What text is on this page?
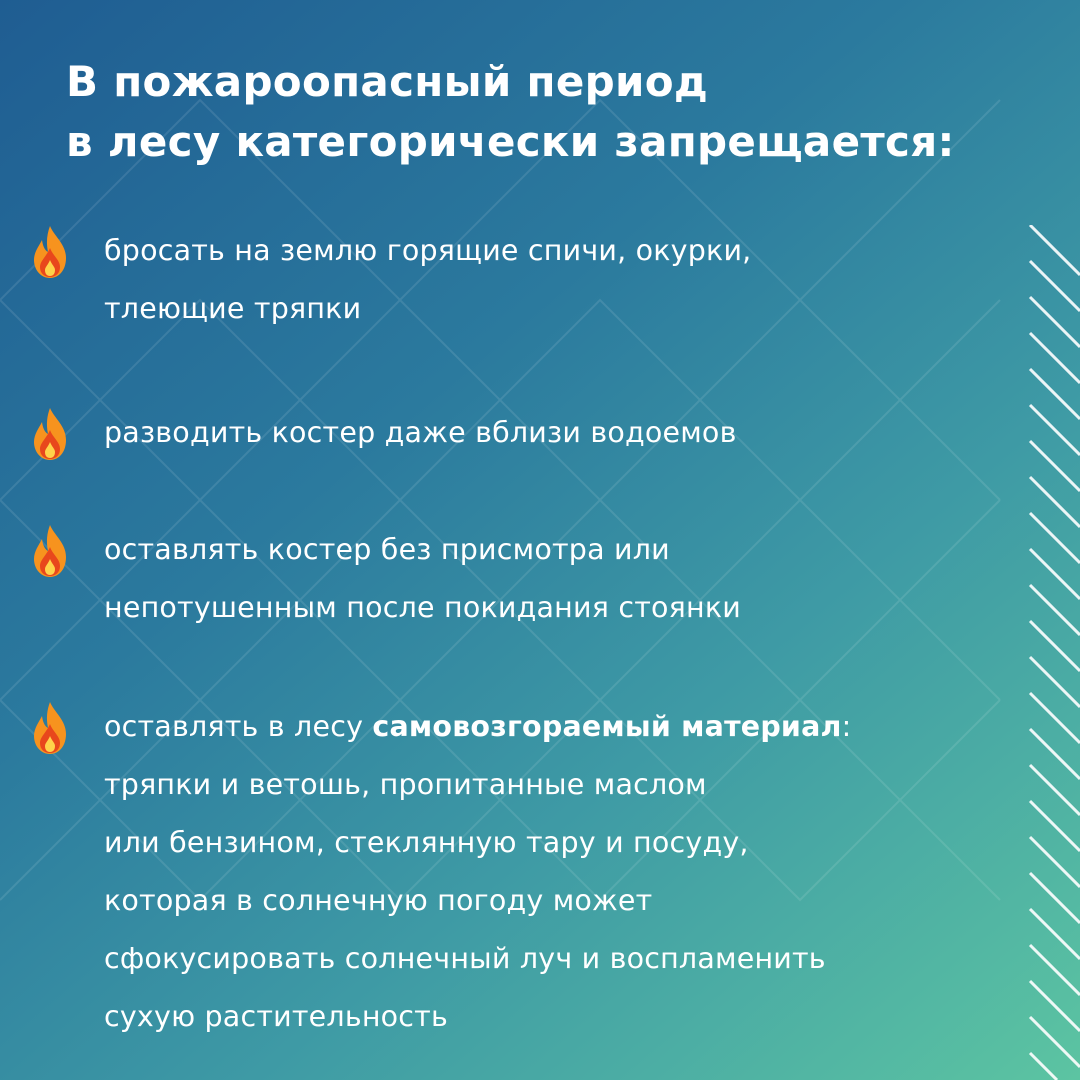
В пожароопасный период
в лесу категорически запрещается:
бросать на землю горящие спичи, окурки,
тлеющие тряпки
разводить костер даже вблизи водоемов
оставлять костер без присмотра или
непотушенным после покидания стоянки
оставлять в лесу самовозгораемый материал:
тряпки и ветошь, пропитанные маслом
или бензином, стеклянную тару и посуду,
которая в солнечную погоду может
сфокусировать солнечный луч и воспламенить
сухую растительность
